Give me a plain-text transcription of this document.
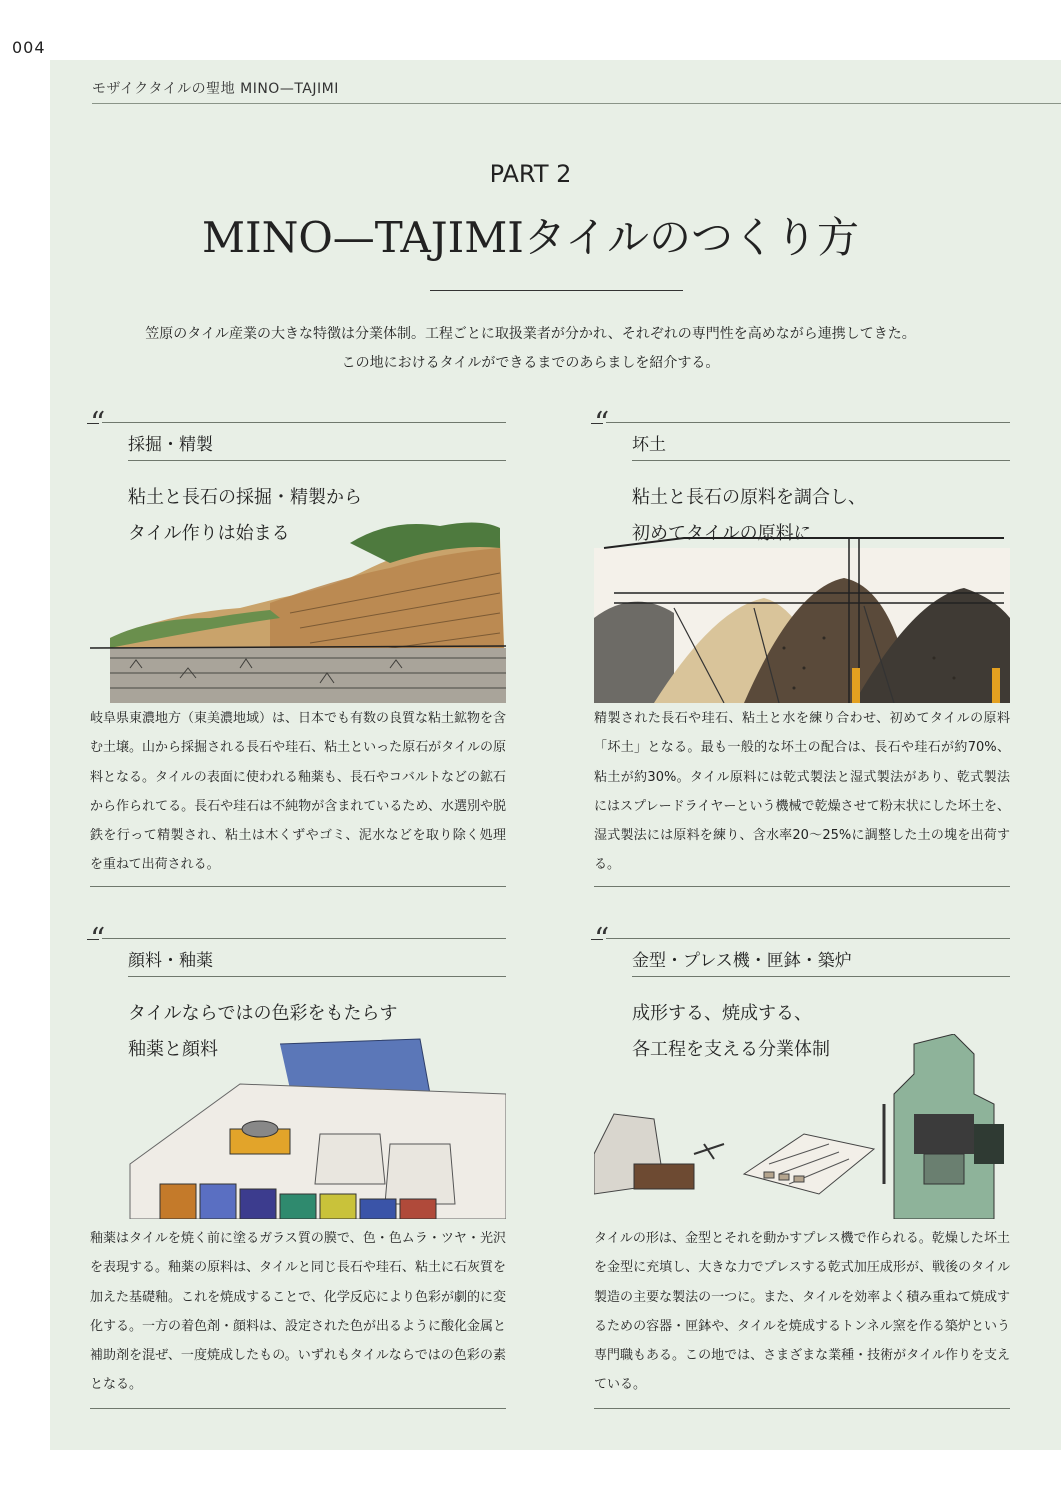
004
モザイクタイルの聖地 MINO—TAJIMI
PART 2
MINO—TAJIMIタイルのつくり方

笠原のタイル産業の大きな特徴は分業体制。工程ごとに取扱業者が分かれ、それぞれの専門性を高めながら連携してきた。

この地におけるタイルができるまでのあらましを紹介する。

“
採掘・精製

粘土と長石の採掘・精製から

タイル作りは始まる

岐阜県東濃地方（東美濃地域）は、日本でも有数の良質な粘土鉱物を含む土壌。山から採掘される長石や珪石、粘土といった原石がタイルの原料となる。タイルの表面に使われる釉薬も、長石やコバルトなどの鉱石から作られてる。長石や珪石は不純物が含まれているため、水選別や脱鉄を行って精製され、粘土は木くずやゴミ、泥水などを取り除く処理を重ねて出荷される。
“
坏土

粘土と長石の原料を調合し、

初めてタイルの原料に

精製された長石や珪石、粘土と水を練り合わせ、初めてタイルの原料「坏土」となる。最も一般的な坏土の配合は、長石や珪石が約70%、粘土が約30%。タイル原料には乾式製法と湿式製法があり、乾式製法にはスプレードライヤーという機械で乾燥させて粉末状にした坏土を、湿式製法には原料を練り、含水率20〜25%に調整した土の塊を出荷する。
“
顔料・釉薬

タイルならではの色彩をもたらす

釉薬と顔料

釉薬はタイルを焼く前に塗るガラス質の膜で、色・色ムラ・ツヤ・光沢を表現する。釉薬の原料は、タイルと同じ長石や珪石、粘土に石灰質を加えた基礎釉。これを焼成することで、化学反応により色彩が劇的に変化する。一方の着色剤・顔料は、設定された色が出るように酸化金属と補助剤を混ぜ、一度焼成したもの。いずれもタイルならではの色彩の素となる。
“
金型・プレス機・匣鉢・築炉

成形する、焼成する、

各工程を支える分業体制

タイルの形は、金型とそれを動かすプレス機で作られる。乾燥した坏土を金型に充填し、大きな力でプレスする乾式加圧成形が、戦後のタイル製造の主要な製法の一つに。また、タイルを効率よく積み重ねて焼成するための容器・匣鉢や、タイルを焼成するトンネル窯を作る築炉という専門職もある。この地では、さまざまな業種・技術がタイル作りを支えている。
